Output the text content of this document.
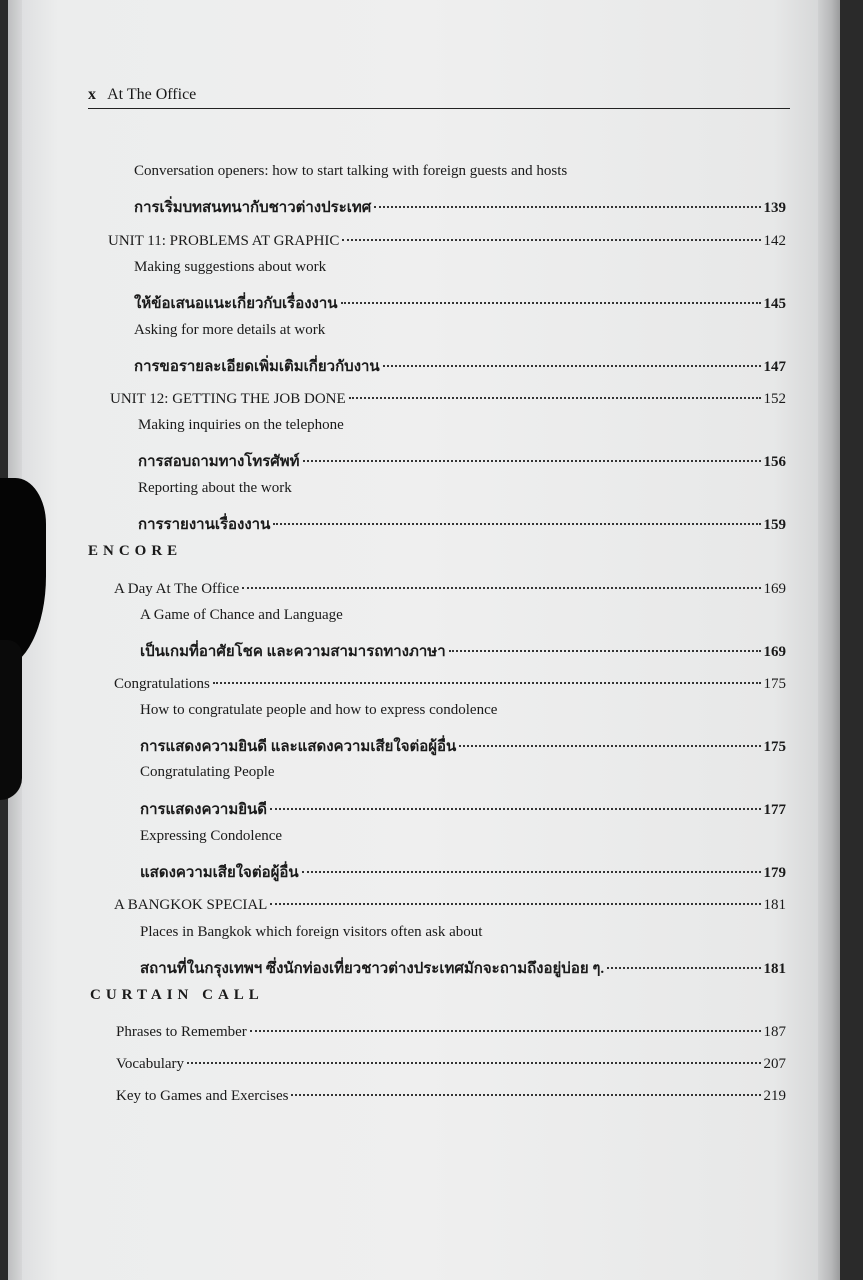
x At The Office
Conversation openers: how to start talking with foreign guests and hosts
การเริ่มบทสนทนากับชาวต่างประเทศ	139
UNIT 11: PROBLEMS AT GRAPHIC	142
Making suggestions about work
ให้ข้อเสนอแนะเกี่ยวกับเรื่องงาน	145
Asking for more details at work
การขอรายละเอียดเพิ่มเติมเกี่ยวกับงาน	147
UNIT 12: GETTING THE JOB DONE	152
Making inquiries on the telephone
การสอบถามทางโทรศัพท์	156
Reporting about the work
การรายงานเรื่องงาน	159
ENCORE
A Day At The Office	169
A Game of Chance and Language
เป็นเกมที่อาศัยโชค และความสามารถทางภาษา	169
Congratulations	175
How to congratulate people and how to express condolence
การแสดงความยินดี และแสดงความเสียใจต่อผู้อื่น	175
Congratulating People
การแสดงความยินดี	177
Expressing Condolence
แสดงความเสียใจต่อผู้อื่น	179
A BANGKOK SPECIAL	181
Places in Bangkok which foreign visitors often ask about
สถานที่ในกรุงเทพฯ ซึ่งนักท่องเที่ยวชาวต่างประเทศมักจะถามถึงอยู่บ่อย ๆ.	181
CURTAIN CALL
Phrases to Remember	187
Vocabulary	207
Key to Games and Exercises	219
